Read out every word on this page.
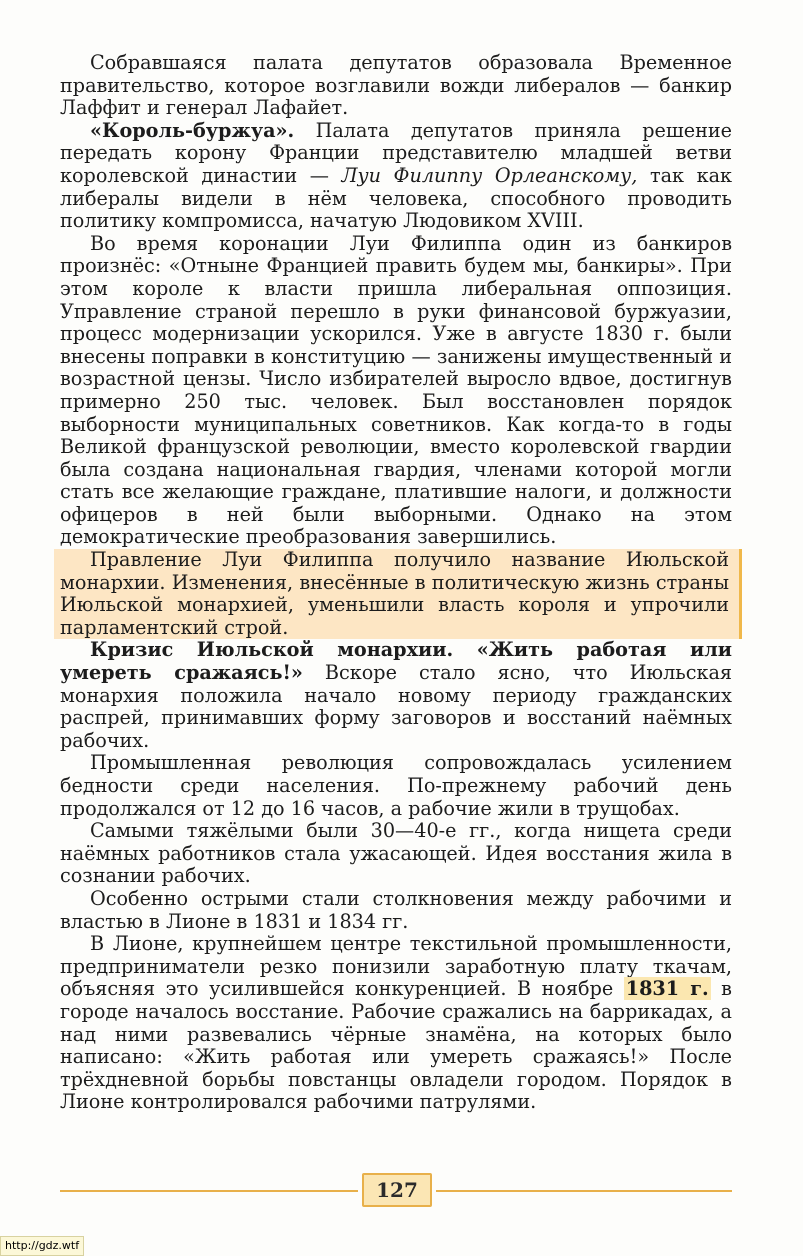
Собравшаяся палата депутатов образовала Временное правительство, которое возглавили вожди либералов — банкир Лаффит и генерал Лафайет.

«Король-буржуа». Палата депутатов приняла решение передать корону Франции представителю младшей ветви королевской династии — Луи Филиппу Орлеанскому, так как либералы видели в нём человека, способного проводить политику компромисса, начатую Людовиком XVIII.

Во время коронации Луи Филиппа один из банкиров произнёс: «Отныне Францией править будем мы, банкиры». При этом короле к власти пришла либеральная оппозиция. Управление страной перешло в руки финансовой буржуазии, процесс модернизации ускорился. Уже в августе 1830 г. были внесены поправки в конституцию — занижены имущественный и возрастной цензы. Число избирателей выросло вдвое, достигнув примерно 250 тыс. человек. Был восстановлен порядок выборности муниципальных советников. Как когда-то в годы Великой французской революции, вместо королевской гвардии была создана национальная гвардия, членами которой могли стать все желающие граждане, платившие налоги, и должности офицеров в ней были выборными. Однако на этом демократические преобразования завершились.

Правление Луи Филиппа получило название Июльской монархии. Изменения, внесённые в политическую жизнь страны Июльской монархией, уменьшили власть короля и упрочили парламентский строй.

Кризис Июльской монархии. «Жить работая или умереть сражаясь!» Вскоре стало ясно, что Июльская монархия положила начало новому периоду гражданских распрей, принимавших форму заговоров и восстаний наёмных рабочих.

Промышленная революция сопровождалась усилением бедности среди населения. По-прежнему рабочий день продолжался от 12 до 16 часов, а рабочие жили в трущобах.

Самыми тяжёлыми были 30—40-е гг., когда нищета среди наёмных работников стала ужасающей. Идея восстания жила в сознании рабочих.

Особенно острыми стали столкновения между рабочими и властью в Лионе в 1831 и 1834 гг.

В Лионе, крупнейшем центре текстильной промышленности, предприниматели резко понизили заработную плату ткачам, объясняя это усилившейся конкуренцией. В ноябре 1831 г. в городе началось восстание. Рабочие сражались на баррикадах, а над ними развевались чёрные знамёна, на которых было написано: «Жить работая или умереть сражаясь!» После трёхдневной борьбы повстанцы овладели городом. Порядок в Лионе контролировался рабочими патрулями.

127
http://gdz.wtf
